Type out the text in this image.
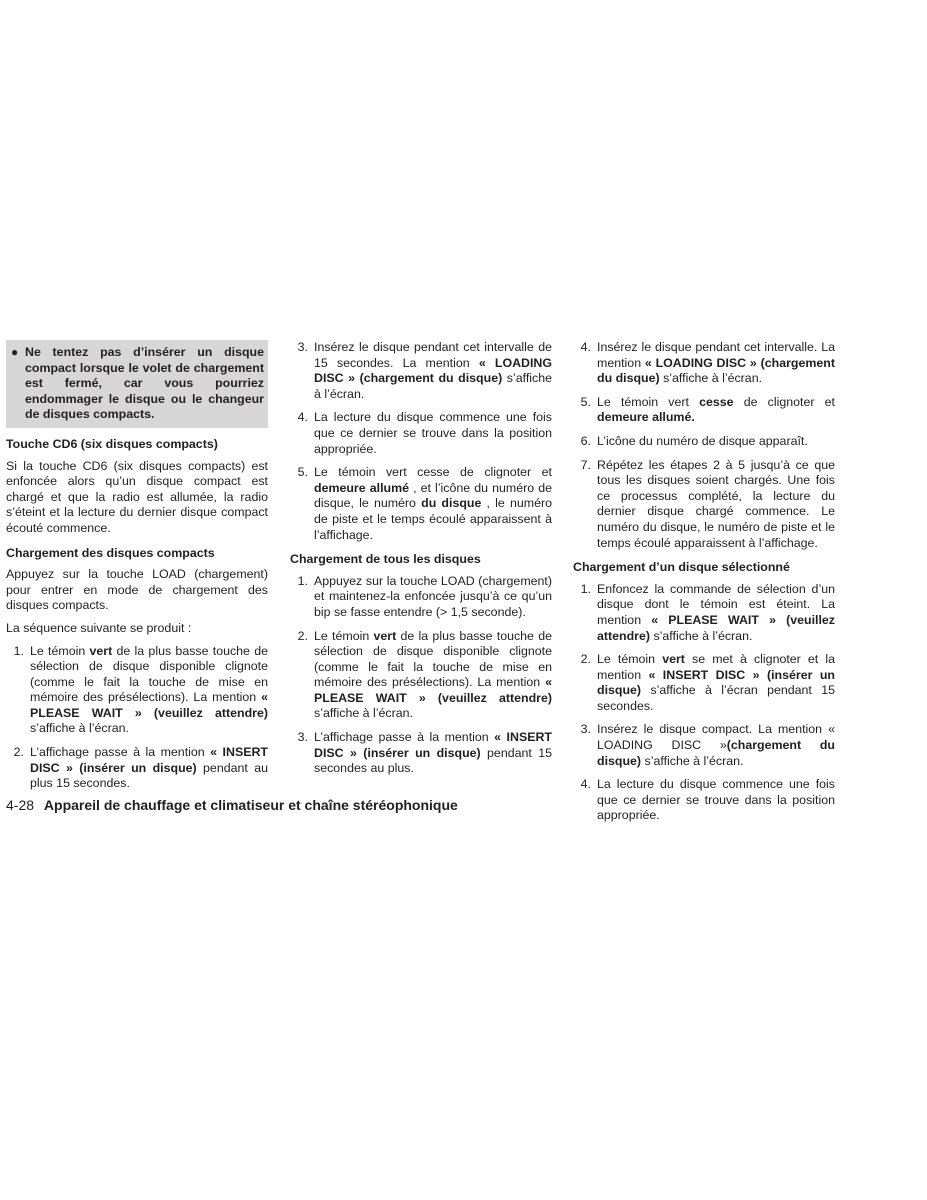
● Ne tentez pas d’insérer un disque compact lorsque le volet de chargement est fermé, car vous pourriez endommager le disque ou le changeur de disques compacts.
Touche CD6 (six disques compacts)

Si la touche CD6 (six disques compacts) est enfoncée alors qu’un disque compact est chargé et que la radio est allumée, la radio s’éteint et la lecture du dernier disque compact écouté commence.

Chargement des disques compacts

Appuyez sur la touche LOAD (chargement) pour entrer en mode de chargement des disques compacts.

La séquence suivante se produit :

1. Le témoin vert de la plus basse touche de sélection de disque disponible clignote (comme le fait la touche de mise en mémoire des présélections). La mention « PLEASE WAIT » (veuillez attendre) s’affiche à l’écran.
2. L’affichage passe à la mention « INSERT DISC » (insérer un disque) pendant au plus 15 secondes.
3. Insérez le disque pendant cet intervalle de 15 secondes. La mention « LOADING DISC » (chargement du disque) s’affiche à l’écran.
4. La lecture du disque commence une fois que ce dernier se trouve dans la position appropriée.
5. Le témoin vert cesse de clignoter et demeure allumé , et l’icône du numéro de disque, le numéro du disque , le numéro de piste et le temps écoulé apparaissent à l’affichage.
Chargement de tous les disques
1. Appuyez sur la touche LOAD (chargement) et maintenez-la enfoncée jusqu’à ce qu’un bip se fasse entendre (> 1,5 seconde).
2. Le témoin vert de la plus basse touche de sélection de disque disponible clignote (comme le fait la touche de mise en mémoire des présélections). La mention « PLEASE WAIT » (veuillez attendre) s’affiche à l’écran.
3. L’affichage passe à la mention « INSERT DISC » (insérer un disque) pendant 15 secondes au plus.
4. Insérez le disque pendant cet intervalle. La mention « LOADING DISC » (chargement du disque) s’affiche à l’écran.
5. Le témoin vert cesse de clignoter et demeure allumé.
6. L’icône du numéro de disque apparaît.
7. Répétez les étapes 2 à 5 jusqu’à ce que tous les disques soient chargés. Une fois ce processus complété, la lecture du dernier disque chargé commence. Le numéro du disque, le numéro de piste et le temps écoulé apparaissent à l’affichage.
Chargement d’un disque sélectionné
1. Enfoncez la commande de sélection d’un disque dont le témoin est éteint. La mention « PLEASE WAIT » (veuillez attendre) s’affiche à l’écran.
2. Le témoin vert se met à clignoter et la mention « INSERT DISC » (insérer un disque) s’affiche à l’écran pendant 15 secondes.
3. Insérez le disque compact. La mention « LOADING DISC »(chargement du disque) s’affiche à l’écran.
4. La lecture du disque commence une fois que ce dernier se trouve dans la position appropriée.
4-28 Appareil de chauffage et climatiseur et chaîne stéréophonique
